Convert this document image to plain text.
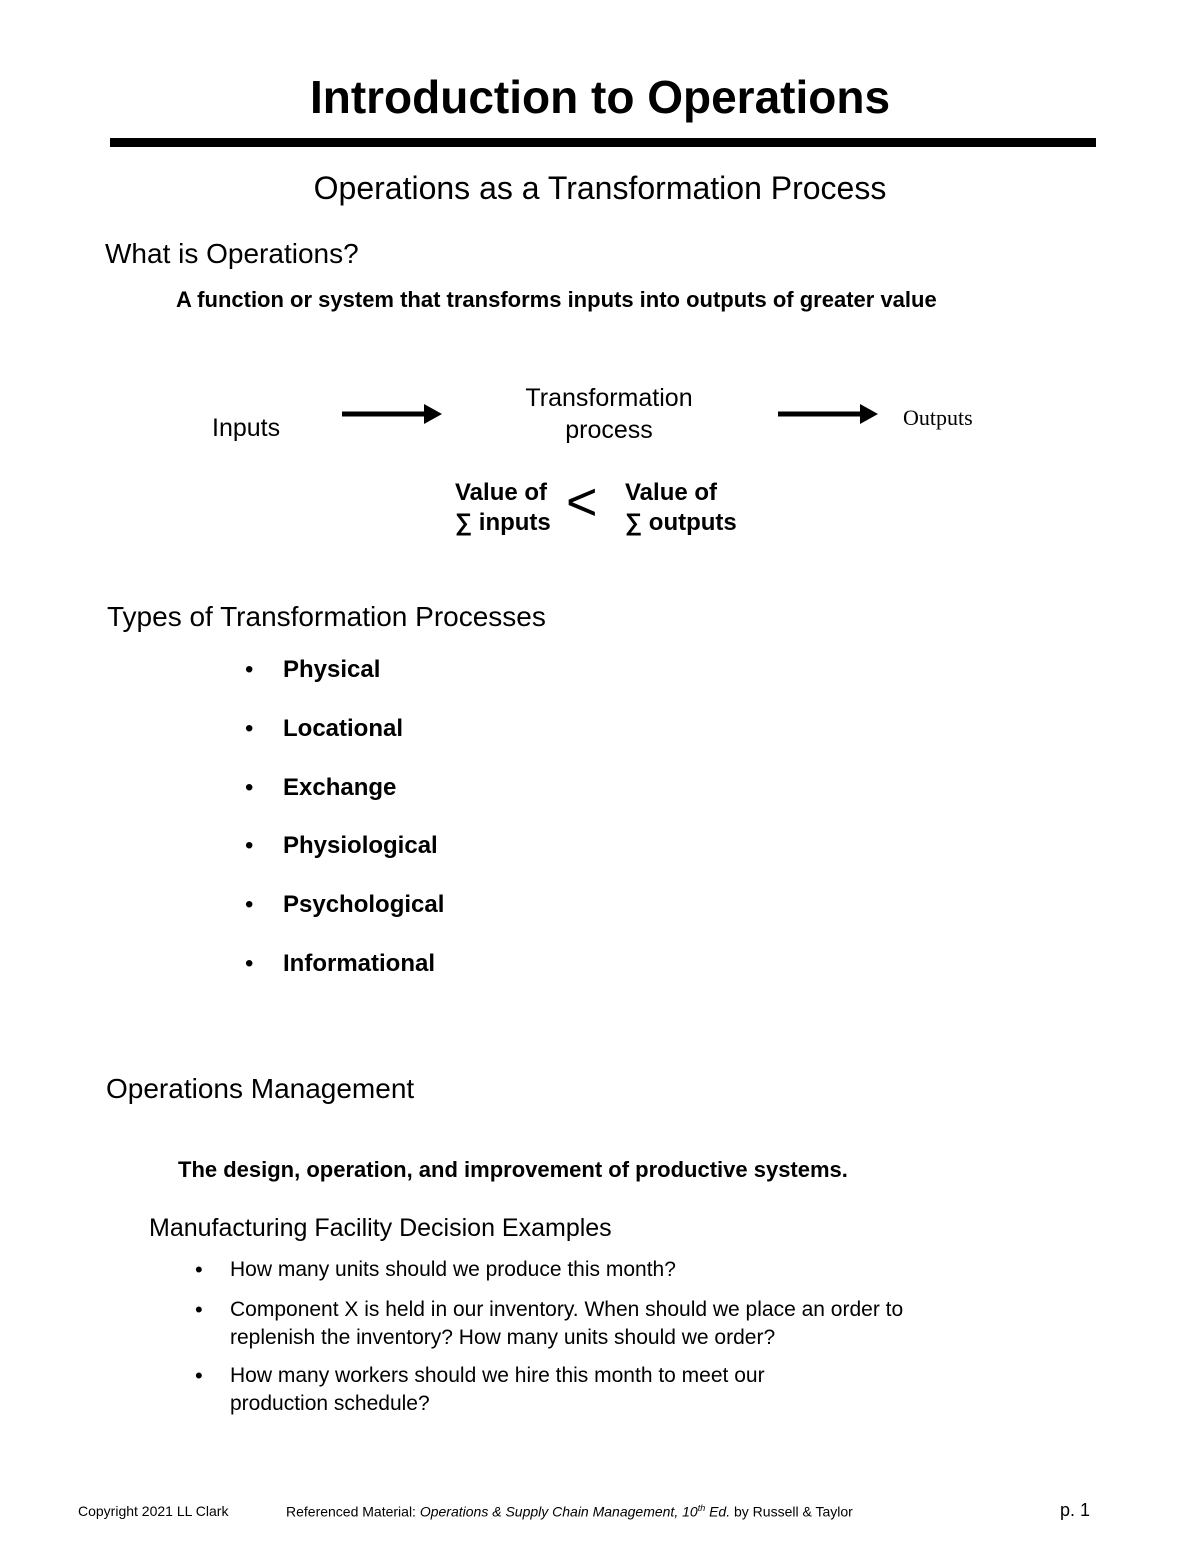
Introduction to Operations
Operations as a Transformation Process
What is Operations?
A function or system that transforms inputs into outputs of greater value
Inputs
Transformation
process	Outputs
Value of
∑ inputs < Value of
∑ outputs
Types of Transformation Processes
• Physical
• Locational
• Exchange
• Physiological
• Psychological
• Informational
Operations Management
The design, operation, and improvement of productive systems.
Manufacturing Facility Decision Examples
• How many units should we produce this month?
• Component X is held in our inventory. When should we place an order to replenish the inventory? How many units should we order?
• How many workers should we hire this month to meet our production schedule?
Copyright 2021 LL Clark	Referenced Material: Operations & Supply Chain Management, 10th Ed. by Russell & Taylor	p. 1
